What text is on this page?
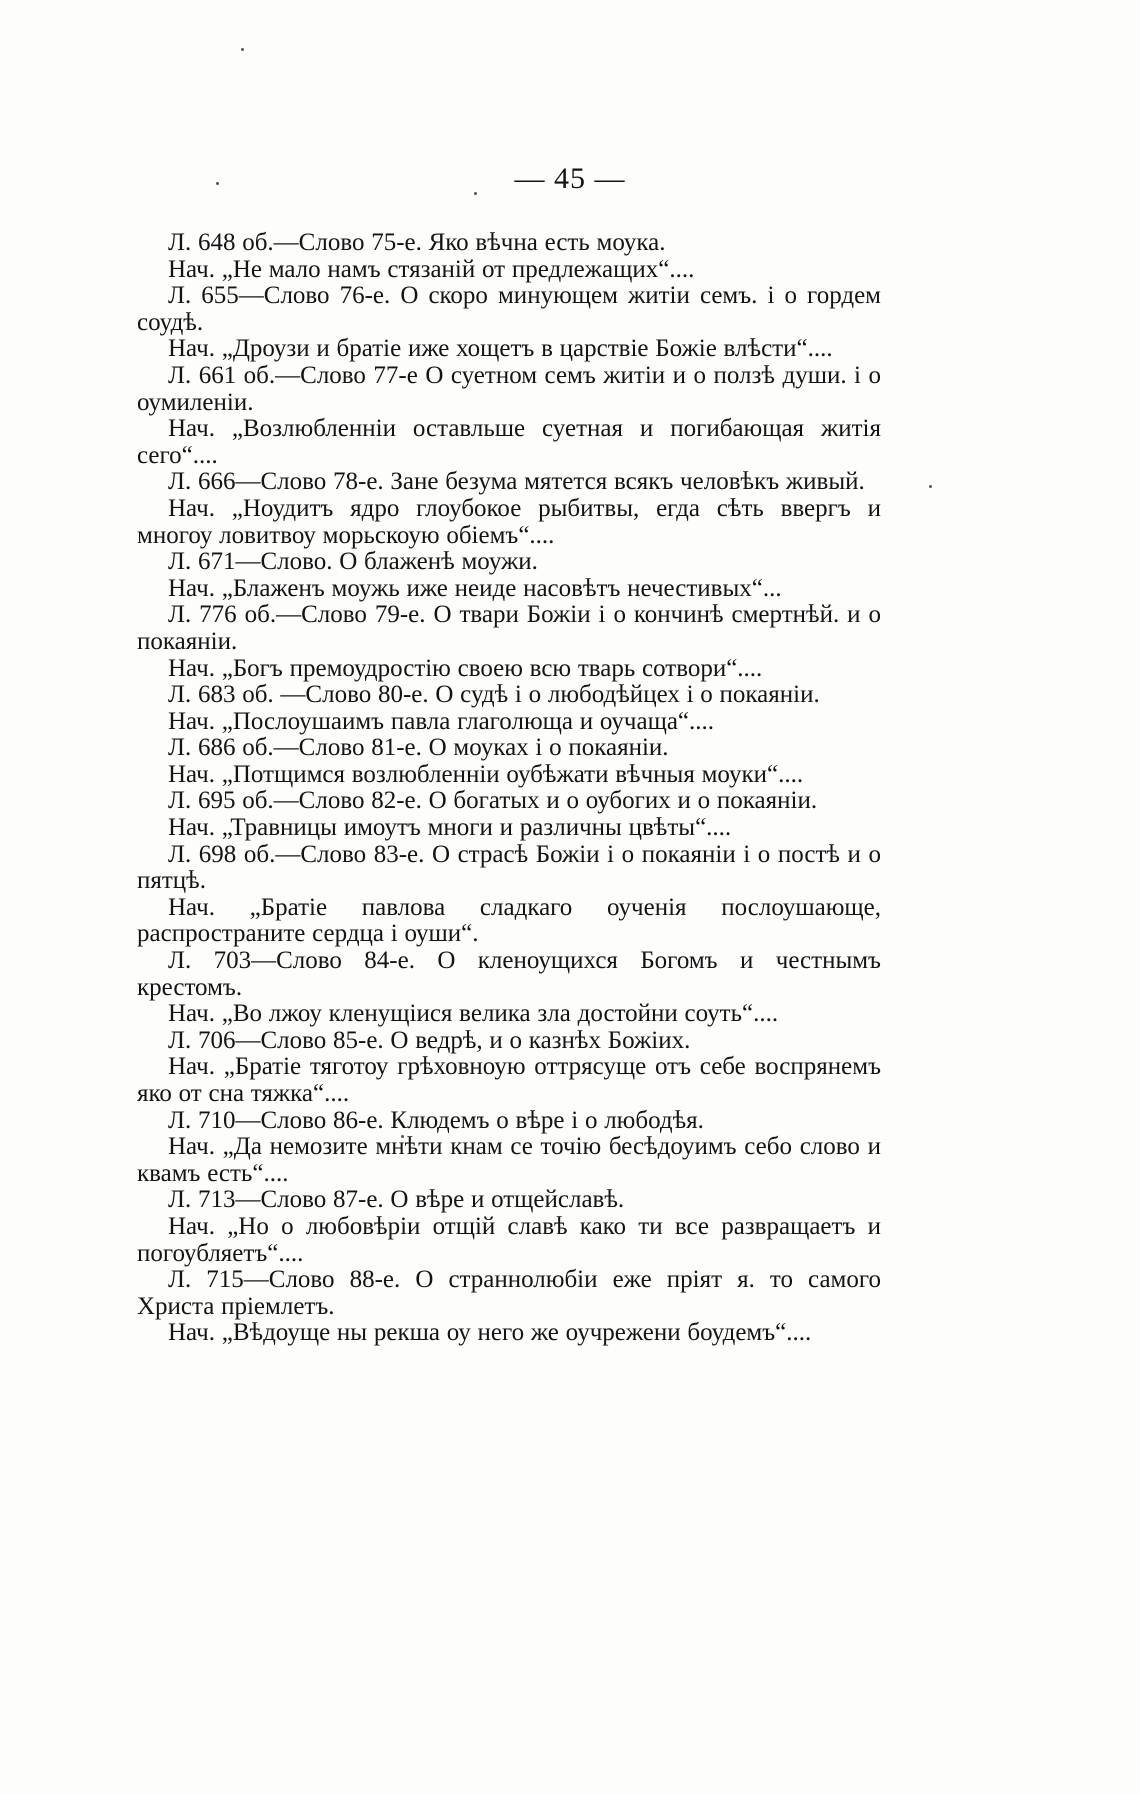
— 45 —

Л. 648 об.—Слово 75-е. Яко вѣчна есть моука.

Нач. „Не мало намъ стязаній от предлежащих“....

Л. 655—Слово 76-е. О скоро минующем житіи семъ. і о гордем соудѣ.

Нач. „Дроузи и братіе иже хощетъ в царствіе Божіе влѣсти“....

Л. 661 об.—Слово 77-е О суетном семъ житіи и о ползѣ души. і о оумиленіи.

Нач. „Возлюбленніи оставльше суетная и погибающая житія сего“....

Л. 666—Слово 78-е. Зане безума мятется всякъ человѣкъ живый.

Нач. „Ноудитъ ядро глоубокое рыбитвы, егда сѣть ввергъ и многоу ловитвоу морьскоую обіемъ“....

Л. 671—Слово. О блаженѣ моужи.

Нач. „Блаженъ моужь иже неиде насовѣтъ нечестивых“...

Л. 776 об.—Слово 79-е. О твари Божіи і о кончинѣ смертнѣй. и о покаяніи.

Нач. „Богъ премоудростію своею всю тварь сотвори“....

Л. 683 об. —Слово 80-е. О судѣ і о любодѣйцех і о покаяніи.

Нач. „Послоушаимъ павла глаголюща и оучаща“....

Л. 686 об.—Слово 81-е. О моуках і о покаяніи.

Нач. „Потщимся возлюбленніи оубѣжати вѣчныя моуки“....

Л. 695 об.—Слово 82-е. О богатых и о оубогих и о покаяніи.

Нач. „Травницы имоутъ многи и различны цвѣты“....

Л. 698 об.—Слово 83-е. О страсѣ Божіи і о покаяніи і о постѣ и о пятцѣ.

Нач. „Братіе павлова сладкаго оученія послоушающе, распространите сердца і оуши“.

Л. 703—Слово 84-е. О кленоущихся Богомъ и честнымъ крестомъ.

Нач. „Во лжоу кленущіися велика зла достойни соуть“....

Л. 706—Слово 85-е. О ведрѣ, и о казнѣх Божіих.

Нач. „Братіе тяготоу грѣховноую оттрясуще отъ себе воспрянемъ яко от сна тяжка“....

Л. 710—Слово 86-е. Клюдемъ о вѣре і о любодѣя.

Нач. „Да немозите мнѣти кнам се точію бесѣдоуимъ себо слово и квамъ есть“....

Л. 713—Слово 87-е. О вѣре и отщейславѣ.

Нач. „Но о любовѣріи отщій славѣ како ти все развращаетъ и погоубляетъ“....

Л. 715—Слово 88-е. О страннолюбіи еже пріят я. то самого Христа пріемлетъ.

Нач. „Вѣдоуще ны рекша оу него же оучрежени боудемъ“....
